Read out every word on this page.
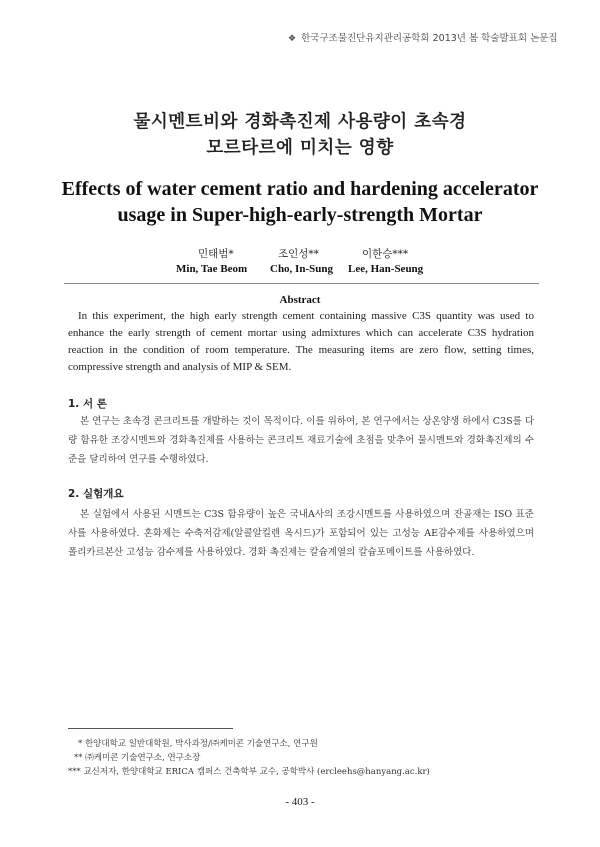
❖ 한국구조물진단유지관리공학회 2013년 봄 학술발표회 논문집
물시멘트비와 경화촉진제 사용량이 초속경
모르타르에 미치는 영향
Effects of water cement ratio and hardening accelerator
usage in Super-high-early-strength Mortar
민태범*
Min, Tae Beom
조인성**
Cho, In-Sung
이한승***
Lee, Han-Seung
Abstract

In this experiment, the high early strength cement containing massive C3S quantity was used to enhance the early strength of cement mortar using admixtures which can accelerate C3S hydration reaction in the condition of room temperature. The measuring items are zero flow, setting times, compressive strength and analysis of MIP & SEM.

1. 서 론

본 연구는 초속경 콘크리트를 개발하는 것이 목적이다. 이를 위하여, 본 연구에서는 상온양생 하에서 C3S를 다량 함유한 조강시멘트와 경화촉진제를 사용하는 콘크리트 재료기술에 초점을 맞추어 물시멘트와 경화촉진제의 수준을 달리하여 연구를 수행하였다.

2. 실험개요

본 실험에서 사용된 시멘트는 C3S 함유량이 높은 국내A사의 조강시멘트를 사용하였으며 잔골재는 ISO 표준사를 사용하였다. 혼화제는 수축저감제(알콜알킬렌 옥시드)가 포함되어 있는 고성능 AE감수제를 사용하였으며 폴리카르본산 고성능 감수제를 사용하였다. 경화 촉진제는 칼슘계열의 칼슘포메이트를 사용하였다.

* 한양대학교 일반대학원, 박사과정/㈜케미콘 기술연구소, 연구원
** ㈜케미콘 기술연구소, 연구소장
*** 교신저자, 한양대학교 ERICA 캠퍼스 건축학부 교수, 공학박사 (ercleehs@hanyang.ac.kr)
- 403 -
